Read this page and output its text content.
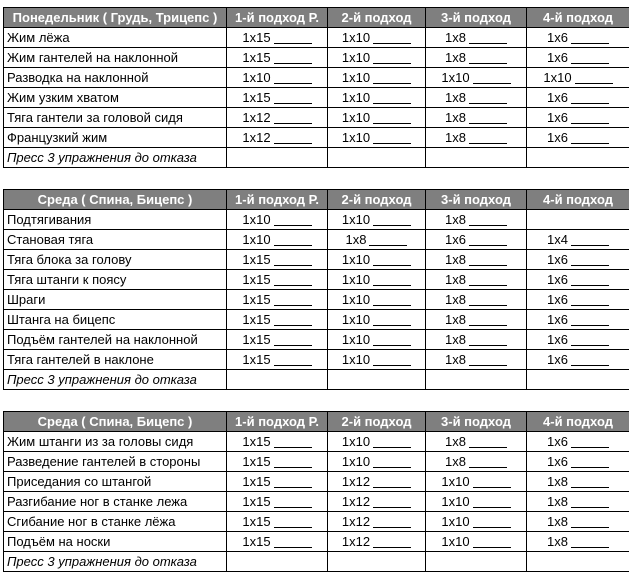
Понедельник ( Грудь, Трицепс )	1-й подход Р.	2-й подход	3-й подход	4-й подход
Жим лёжа	1х15	1х10	1х8	1х6
Жим гантелей на наклонной	1х15	1х10	1х8	1х6
Разводка на наклонной	1х10	1х10	1х10	1х10
Жим узким хватом	1х15	1х10	1х8	1х6
Тяга гантели за головой сидя	1х12	1х10	1х8	1х6
Французкий жим	1х12	1х10	1х8	1х6
Пресс 3 упражнения до отказа				
Среда ( Спина, Бицепс )	1-й подход Р.	2-й подход	3-й подход	4-й подход
Подтягивания	1х10	1х10	1х8	
Становая тяга	1х10	1х8	1х6	1х4
Тяга блока за голову	1х15	1х10	1х8	1х6
Тяга штанги к поясу	1х15	1х10	1х8	1х6
Шраги	1х15	1х10	1х8	1х6
Штанга на бицепс	1х15	1х10	1х8	1х6
Подъём гантелей на наклонной	1х15	1х10	1х8	1х6
Тяга гантелей в наклоне	1х15	1х10	1х8	1х6
Пресс 3 упражнения до отказа				
Среда ( Спина, Бицепс )	1-й подход Р.	2-й подход	3-й подход	4-й подход
Жим штанги из за головы сидя	1х15	1х10	1х8	1х6
Разведение гантелей в стороны	1х15	1х10	1х8	1х6
Приседания со штангой	1х15	1х12	1х10	1х8
Разгибание ног в станке лежа	1х15	1х12	1х10	1х8
Сгибание ног в станке лёжа	1х15	1х12	1х10	1х8
Подъём на носки	1х15	1х12	1х10	1х8
Пресс 3 упражнения до отказа				
